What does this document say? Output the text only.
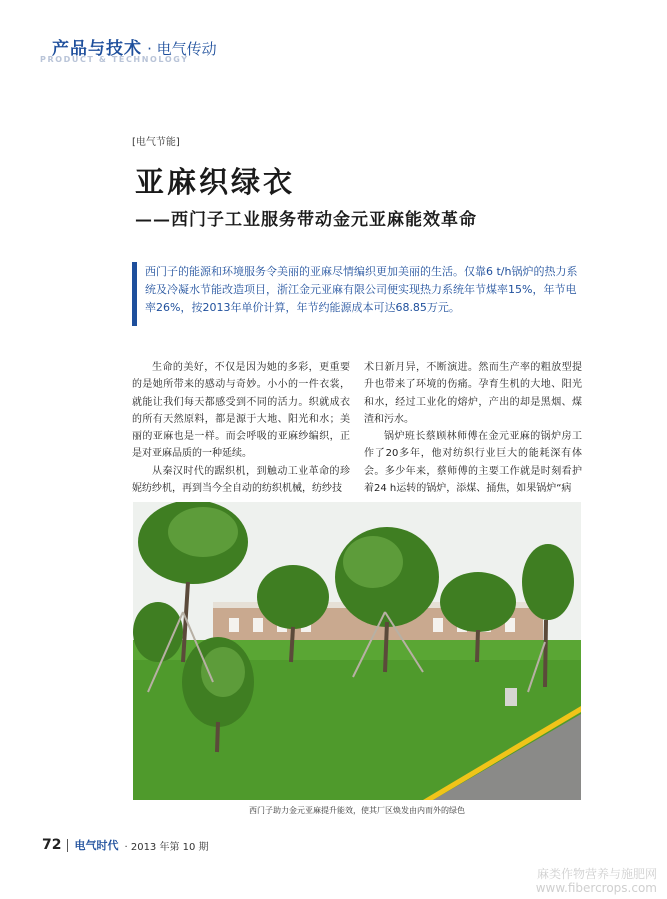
产品与技术 · 电气传动
PRODUCT & TECHNOLOGY
[电气节能]
亚麻织绿衣
——西门子工业服务带动金元亚麻能效革命
西门子的能源和环境服务令美丽的亚麻尽情编织更加美丽的生活。仅靠6 t/h锅炉的热力系统及冷凝水节能改造项目，浙江金元亚麻有限公司便实现热力系统年节煤率15%，年节电率26%，按2013年单价计算，年节约能源成本可达68.85万元。

生命的美好，不仅是因为她的多彩，更重要的是她所带来的感动与奇妙。小小的一件衣裳，就能让我们每天都感受到不同的活力。织就成衣的所有天然原料，都是源于大地、阳光和水；美丽的亚麻也是一样。而会呼吸的亚麻纱编织，正是对亚麻品质的一种延续。

从秦汉时代的踞织机，到触动工业革命的珍妮纺纱机，再到当今全自动的纺织机械，纺纱技

术日新月异，不断演进。然而生产率的粗放型提升也带来了环境的伤痛。孕育生机的大地、阳光和水，经过工业化的熔炉，产出的却是黑烟、煤渣和污水。

锅炉班长蔡顾林师傅在金元亚麻的锅炉房工作了20多年，他对纺织行业巨大的能耗深有体会。多少年来，蔡师傅的主要工作就是时刻看护着24 h运转的锅炉，添煤、捅焦，如果锅炉“病

西门子助力金元亚麻提升能效，使其厂区焕发由内而外的绿色
72 电气时代 · 2013 年第 10 期
麻类作物营养与施肥网
www.fibercrops.com
